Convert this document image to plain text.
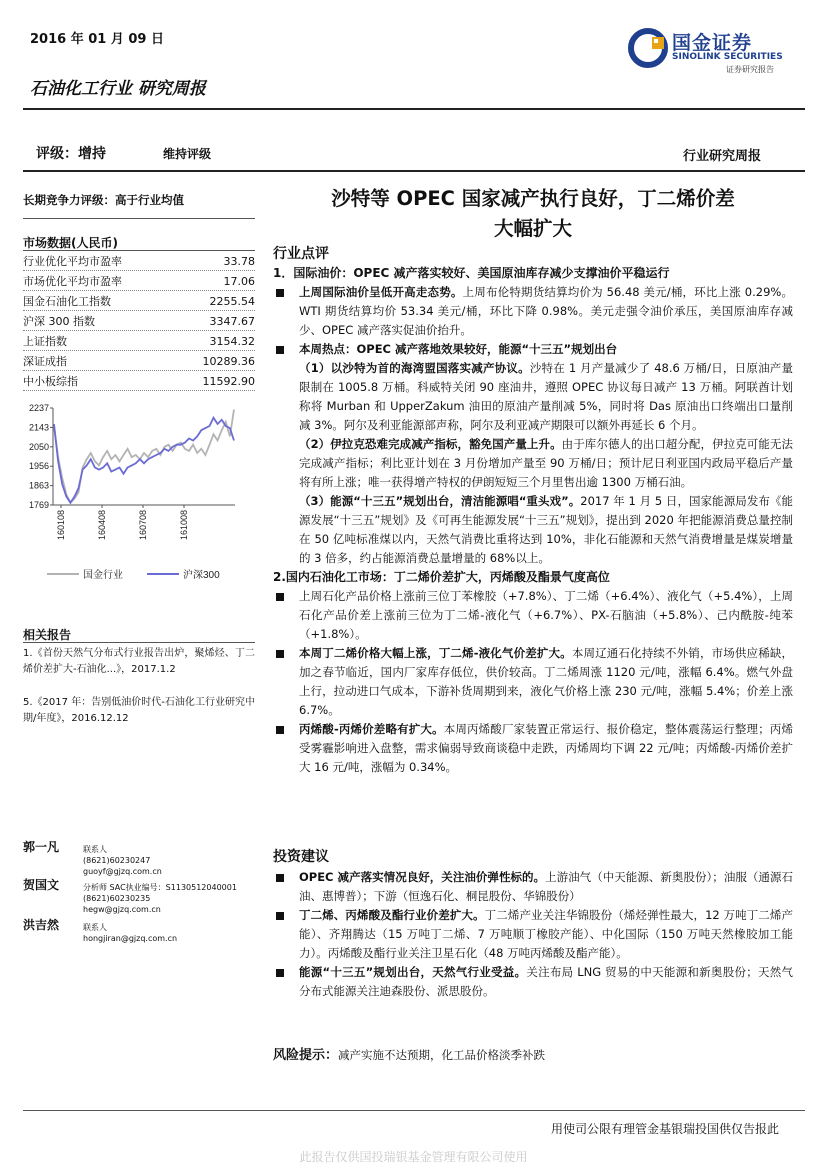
2016 年 01 月 09 日
石油化工行业 研究周报
国金证券
SINOLINK SECURITIES
证券研究报告
评级：增持	维持评级	行业研究周报
长期竞争力评级：高于行业均值
市场数据(人民币)
行业优化平均市盈率	33.78
市场优化平均市盈率	17.06
国金石油化工指数	2255.54
沪深 300 指数	3347.67
上证指数	3154.32
深证成指	10289.36
中小板综指	11592.90
2237
2143
2050
1956
1863
1769
160108	160408	160708	161008
国金行业	沪深300
相关报告
1.《首份天然气分布式行业报告出炉，聚烯烃、丁二烯价差扩大-石油化...》，2017.1.2
5.《2017 年：告别低油价时代-石油化工行业研究中期/年度》，2016.12.12
郭一凡	联系人
(8621)60230247
guoyf@gjzq.com.cn
贺国文	分析师 SAC执业编号：S1130512040001
(8621)60230235
hegw@gjzq.com.cn
洪吉然	联系人
hongjiran@gjzq.com.cn
沙特等 OPEC 国家减产执行良好，丁二烯价差
大幅扩大
行业点评
1．国际油价：OPEC 减产落实较好、美国原油库存减少支撑油价平稳运行

上周国际油价呈低开高走态势。上周布伦特期货结算均价为 56.48 美元/桶，环比上涨 0.29%。WTI 期货结算均价 53.34 美元/桶，环比下降 0.98%。美元走强令油价承压，美国原油库存减少、OPEC 减产落实促油价抬升。

本周热点：OPEC 减产落地效果较好，能源“十三五”规划出台

（1）以沙特为首的海湾盟国落实减产协议。沙特在 1 月产量减少了 48.6 万桶/日，日原油产量限制在 1005.8 万桶。科威特关闭 90 座油井，遵照 OPEC 协议每日减产 13 万桶。阿联酋计划称将 Murban 和 UpperZakum 油田的原油产量削减 5%，同时将 Das 原油出口终端出口量削减 3%。阿尔及利亚能源部声称，阿尔及利亚减产期限可以额外再延长 6 个月。

（2）伊拉克恐难完成减产指标，豁免国产量上升。由于库尔德人的出口超分配，伊拉克可能无法完成减产指标；利比亚计划在 3 月份增加产量至 90 万桶/日；预计尼日利亚国内政局平稳后产量将有所上涨；唯一获得增产特权的伊朗短短三个月里售出逾 1300 万桶石油。

（3）能源“十三五”规划出台，清洁能源唱“重头戏”。2017 年 1 月 5 日，国家能源局发布《能源发展“十三五”规划》及《可再生能源发展“十三五”规划》，提出到 2020 年把能源消费总量控制在 50 亿吨标准煤以内，天然气消费比重将达到 10%，非化石能源和天然气消费增量是煤炭增量的 3 倍多，约占能源消费总量增量的 68%以上。

2.国内石油化工市场：丁二烯价差扩大，丙烯酸及酯景气度高位

上周石化产品价格上涨前三位丁苯橡胶（+7.8%）、丁二烯（+6.4%）、液化气（+5.4%），上周石化产品价差上涨前三位为丁二烯-液化气（+6.7%）、PX-石脑油（+5.8%）、己内酰胺-纯苯（+1.8%）。

本周丁二烯价格大幅上涨，丁二烯-液化气价差扩大。本周辽通石化持续不外销，市场供应稀缺，加之春节临近，国内厂家库存低位，供价较高。丁二烯周涨 1120 元/吨，涨幅 6.4%。燃气外盘上行，拉动进口气成本，下游补货周期到来，液化气价格上涨 230 元/吨，涨幅 5.4%；价差上涨 6.7%。

丙烯酸-丙烯价差略有扩大。本周丙烯酸厂家装置正常运行、报价稳定，整体震荡运行整理；丙烯受雾霾影响进入盘整，需求偏弱导致商谈稳中走跌，丙烯周均下调 22 元/吨；丙烯酸-丙烯价差扩大 16 元/吨，涨幅为 0.34%。

投资建议

OPEC 减产落实情况良好，关注油价弹性标的。上游油气（中天能源、新奥股份）；油服（通源石油、惠博普）；下游（恒逸石化、桐昆股份、华锦股份）

丁二烯、丙烯酸及酯行业价差扩大。丁二烯产业关注华锦股份（烯烃弹性最大，12 万吨丁二烯产能）、齐翔腾达（15 万吨丁二烯、7 万吨顺丁橡胶产能）、中化国际（150 万吨天然橡胶加工能力）。丙烯酸及酯行业关注卫星石化（48 万吨丙烯酸及酯产能）。

能源“十三五”规划出台，天然气行业受益。关注布局 LNG 贸易的中天能源和新奥股份；天然气分布式能源关注迪森股份、派思股份。

风险提示：减产实施不达预期，化工品价格淡季补跌
用使司公限有理管金基银瑞投国供仅告报此
此报告仅供国投瑞银基金管理有限公司使用
